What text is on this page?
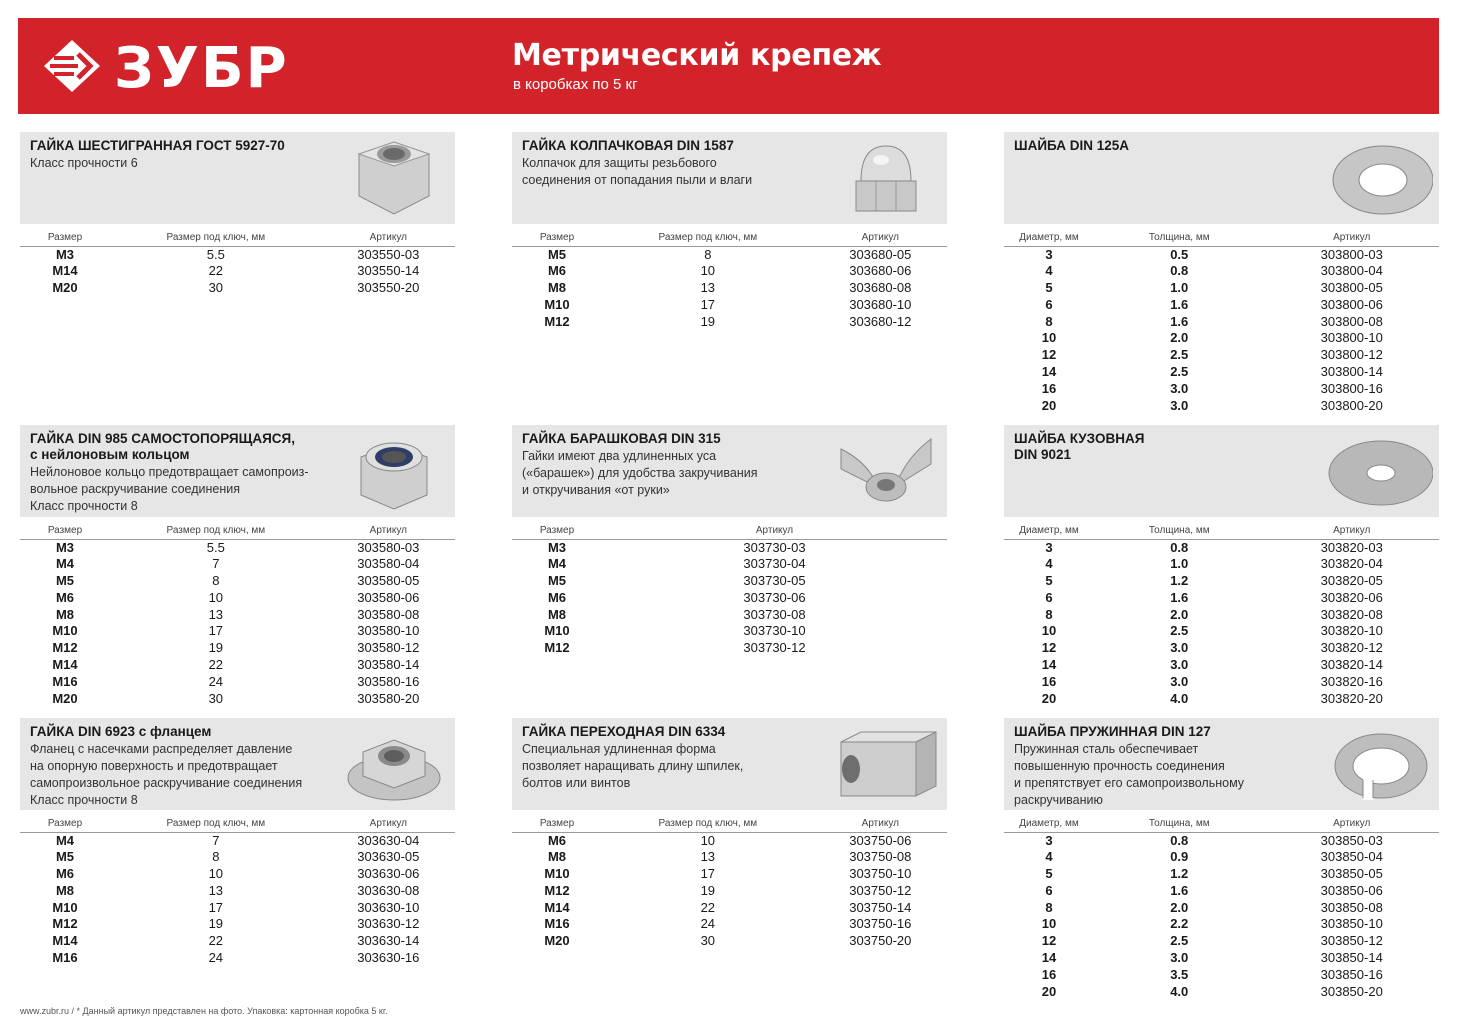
ЗУБР	Метрический крепеж
в коробках по 5 кг
ГАЙКА ШЕСТИГРАННАЯ ГОСТ 5927-70
Класс прочности 6
Размер	Размер под ключ, мм	Артикул
M3	5.5	303550-03
M14	22	303550-14
M20	30	303550-20
ГАЙКА КОЛПАЧКОВАЯ DIN 1587
Колпачок для защиты резьбового
соединения от попадания пыли и влаги
Размер	Размер под ключ, мм	Артикул
M5	8	303680-05
M6	10	303680-06
M8	13	303680-08
M10	17	303680-10
M12	19	303680-12
ШАЙБА DIN 125A
Диаметр, мм	Толщина, мм	Артикул
3	0.5	303800-03
4	0.8	303800-04
5	1.0	303800-05
6	1.6	303800-06
8	1.6	303800-08
10	2.0	303800-10
12	2.5	303800-12
14	2.5	303800-14
16	3.0	303800-16
20	3.0	303800-20
ГАЙКА DIN 985 САМОСТОПОРЯЩАЯСЯ,
с нейлоновым кольцом
Нейлоновое кольцо предотвращает самопроиз-
вольное раскручивание соединения
Класс прочности 8
Размер	Размер под ключ, мм	Артикул
M3	5.5	303580-03
M4	7	303580-04
M5	8	303580-05
M6	10	303580-06
M8	13	303580-08
M10	17	303580-10
M12	19	303580-12
M14	22	303580-14
M16	24	303580-16
M20	30	303580-20
ГАЙКА БАРАШКОВАЯ DIN 315
Гайки имеют два удлиненных уса
(«барашек») для удобства закручивания
и откручивания «от руки»
Размер	Артикул
M3	303730-03
M4	303730-04
M5	303730-05
M6	303730-06
M8	303730-08
M10	303730-10
M12	303730-12
ШАЙБА КУЗОВНАЯ
DIN 9021
Диаметр, мм	Толщина, мм	Артикул
3	0.8	303820-03
4	1.0	303820-04
5	1.2	303820-05
6	1.6	303820-06
8	2.0	303820-08
10	2.5	303820-10
12	3.0	303820-12
14	3.0	303820-14
16	3.0	303820-16
20	4.0	303820-20
ГАЙКА DIN 6923 с фланцем
Фланец с насечками распределяет давление
на опорную поверхность и предотвращает
самопроизвольное раскручивание соединения
Класс прочности 8
Размер	Размер под ключ, мм	Артикул
M4	7	303630-04
M5	8	303630-05
M6	10	303630-06
M8	13	303630-08
M10	17	303630-10
M12	19	303630-12
M14	22	303630-14
M16	24	303630-16
ГАЙКА ПЕРЕХОДНАЯ DIN 6334
Специальная удлиненная форма
позволяет наращивать длину шпилек,
болтов или винтов
Размер	Размер под ключ, мм	Артикул
M6	10	303750-06
M8	13	303750-08
M10	17	303750-10
M12	19	303750-12
M14	22	303750-14
M16	24	303750-16
M20	30	303750-20
ШАЙБА ПРУЖИННАЯ DIN 127
Пружинная сталь обеспечивает
повышенную прочность соединения
и препятствует его самопроизвольному
раскручиванию
Диаметр, мм	Толщина, мм	Артикул
3	0.8	303850-03
4	0.9	303850-04
5	1.2	303850-05
6	1.6	303850-06
8	2.0	303850-08
10	2.2	303850-10
12	2.5	303850-12
14	3.0	303850-14
16	3.5	303850-16
20	4.0	303850-20
www.zubr.ru / * Данный артикул представлен на фото. Упаковка: картонная коробка 5 кг.
